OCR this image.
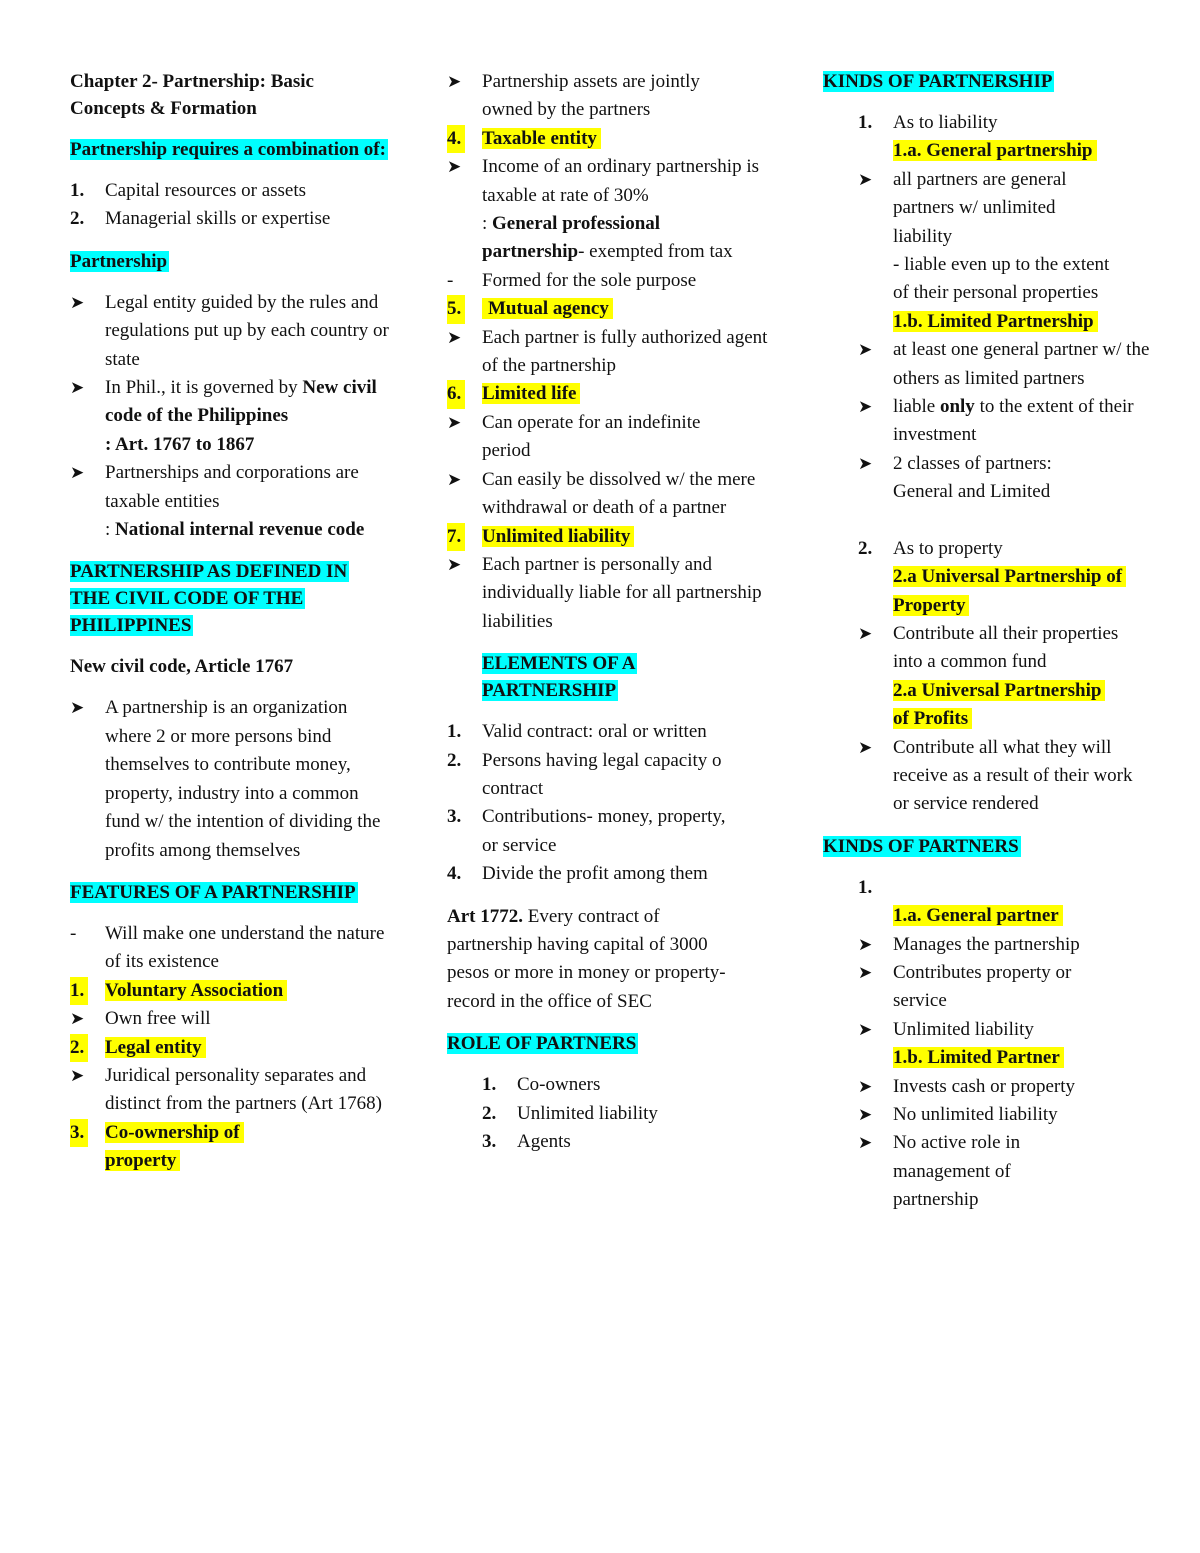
Chapter 2- Partnership: Basic Concepts & Formation
Partnership requires a combination of:
1. Capital resources or assets
2. Managerial skills or expertise
Partnership
➤ Legal entity guided by the rules and regulations put up by each country or state
➤ In Phil., it is governed by New civil code of the Philippines
: Art. 1767 to 1867
➤ Partnerships and corporations are taxable entities
: National internal revenue code
PARTNERSHIP AS DEFINED IN THE CIVIL CODE OF THE PHILIPPINES
New civil code, Article 1767
➤ A partnership is an organization where 2 or more persons bind themselves to contribute money, property, industry into a common fund w/ the intention of dividing the profits among themselves
FEATURES OF A PARTNERSHIP
- Will make one understand the nature of its existence
1. Voluntary Association
➤ Own free will
2. Legal entity
➤ Juridical personality separates and distinct from the partners (Art 1768)
3. Co-ownership of property
➤ Partnership assets are jointly owned by the partners
4. Taxable entity
➤ Income of an ordinary partnership is taxable at rate of 30%
: General professional partnership- exempted from tax
- Formed for the sole purpose
5. Mutual agency
➤ Each partner is fully authorized agent of the partnership
6. Limited life
➤ Can operate for an indefinite period
➤ Can easily be dissolved w/ the mere withdrawal or death of a partner
7. Unlimited liability
➤ Each partner is personally and individually liable for all partnership liabilities
ELEMENTS OF A PARTNERSHIP
1. Valid contract: oral or written
2. Persons having legal capacity o contract
3. Contributions- money, property, or service
4. Divide the profit among them
Art 1772. Every contract of partnership having capital of 3000 pesos or more in money or property- record in the office of SEC
ROLE OF PARTNERS
1. Co-owners
2. Unlimited liability
3. Agents
KINDS OF PARTNERSHIP
1. As to liability
1.a. General partnership
➤ all partners are general partners w/ unlimited liability
- liable even up to the extent of their personal properties
1.b. Limited Partnership
➤ at least one general partner w/ the others as limited partners
➤ liable only to the extent of their investment
➤ 2 classes of partners: General and Limited
2. As to property
2.a Universal Partnership of Property
➤ Contribute all their properties into a common fund
2.a Universal Partnership of Profits
➤ Contribute all what they will receive as a result of their work or service rendered
KINDS OF PARTNERS
1.

1.a. General partner
➤ Manages the partnership
➤ Contributes property or service
➤ Unlimited liability
1.b. Limited Partner
➤ Invests cash or property
➤ No unlimited liability
➤ No active role in management of partnership
